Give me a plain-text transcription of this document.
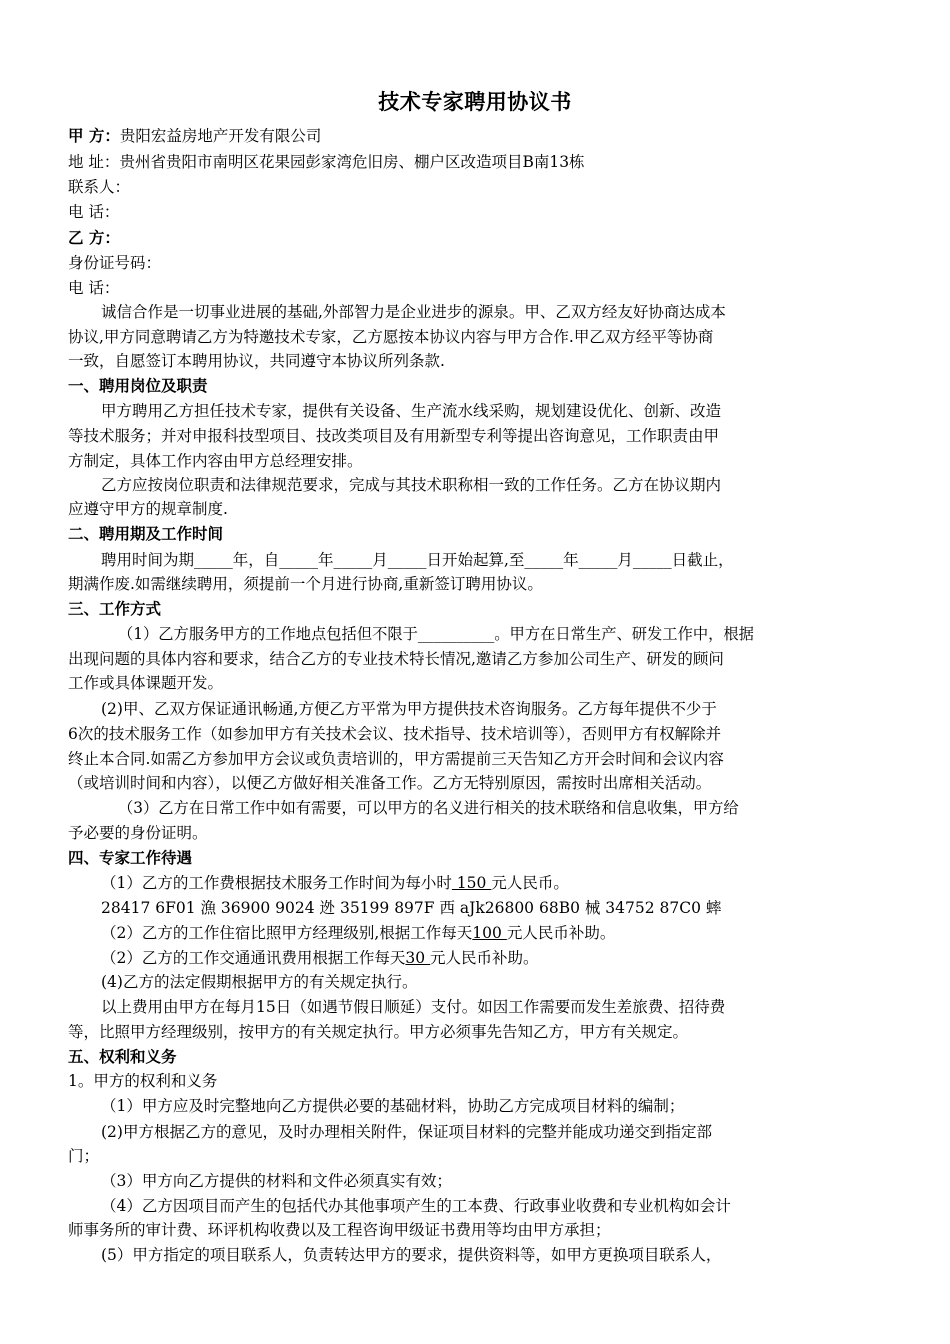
技术专家聘用协议书
甲 方：贵阳宏益房地产开发有限公司
地 址：贵州省贵阳市南明区花果园彭家湾危旧房、棚户区改造项目B南13栋
联系人：
电 话：
乙 方：
身份证号码：
电 话：
诚信合作是一切事业进展的基础,外部智力是企业进步的源泉。甲、乙双方经友好协商达成本
协议,甲方同意聘请乙方为特邀技术专家，乙方愿按本协议内容与甲方合作.甲乙双方经平等协商
一致，自愿签订本聘用协议，共同遵守本协议所列条款.
一、聘用岗位及职责
甲方聘用乙方担任技术专家，提供有关设备、生产流水线采购，规划建设优化、创新、改造
等技术服务；并对申报科技型项目、技改类项目及有用新型专利等提出咨询意见，工作职责由甲
方制定，具体工作内容由甲方总经理安排。
乙方应按岗位职责和法律规范要求，完成与其技术职称相一致的工作任务。乙方在协议期内
应遵守甲方的规章制度.
二、聘用期及工作时间
聘用时间为期_____年，自_____年_____月_____日开始起算,至_____年_____月_____日截止，
期满作废.如需继续聘用，须提前一个月进行协商,重新签订聘用协议。
三、工作方式
（1）乙方服务甲方的工作地点包括但不限于__________。甲方在日常生产、研发工作中，根据
出现问题的具体内容和要求，结合乙方的专业技术特长情况,邀请乙方参加公司生产、研发的顾问
工作或具体课题开发。
(2)甲、乙双方保证通讯畅通,方便乙方平常为甲方提供技术咨询服务。乙方每年提供不少于
6次的技术服务工作（如参加甲方有关技术会议、技术指导、技术培训等），否则甲方有权解除并
终止本合同.如需乙方参加甲方会议或负责培训的，甲方需提前三天告知乙方开会时间和会议内容
（或培训时间和内容），以便乙方做好相关准备工作。乙方无特别原因，需按时出席相关活动。
（3）乙方在日常工作中如有需要，可以甲方的名义进行相关的技术联络和信息收集，甲方给
予必要的身份证明。
四、专家工作待遇
（1）乙方的工作费根据技术服务工作时间为每小时 150 元人民币。
28417 6F01 漁 36900 9024 迯 35199 897F 西 aJk26800 68B0 械 34752 87C0 蟀
（2）乙方的工作住宿比照甲方经理级别,根据工作每天100 元人民币补助。
（2）乙方的工作交通通讯费用根据工作每天30 元人民币补助。
(4)乙方的法定假期根据甲方的有关规定执行。
以上费用由甲方在每月15日（如遇节假日顺延）支付。如因工作需要而发生差旅费、招待费
等，比照甲方经理级别，按甲方的有关规定执行。甲方必须事先告知乙方，甲方有关规定。
五、权利和义务
1。甲方的权利和义务
（1）甲方应及时完整地向乙方提供必要的基础材料，协助乙方完成项目材料的编制；
(2)甲方根据乙方的意见，及时办理相关附件，保证项目材料的完整并能成功递交到指定部
门；
（3）甲方向乙方提供的材料和文件必须真实有效；
（4）乙方因项目而产生的包括代办其他事项产生的工本费、行政事业收费和专业机构如会计
师事务所的审计费、环评机构收费以及工程咨询甲级证书费用等均由甲方承担；
(5）甲方指定的项目联系人，负责转达甲方的要求，提供资料等，如甲方更换项目联系人，
